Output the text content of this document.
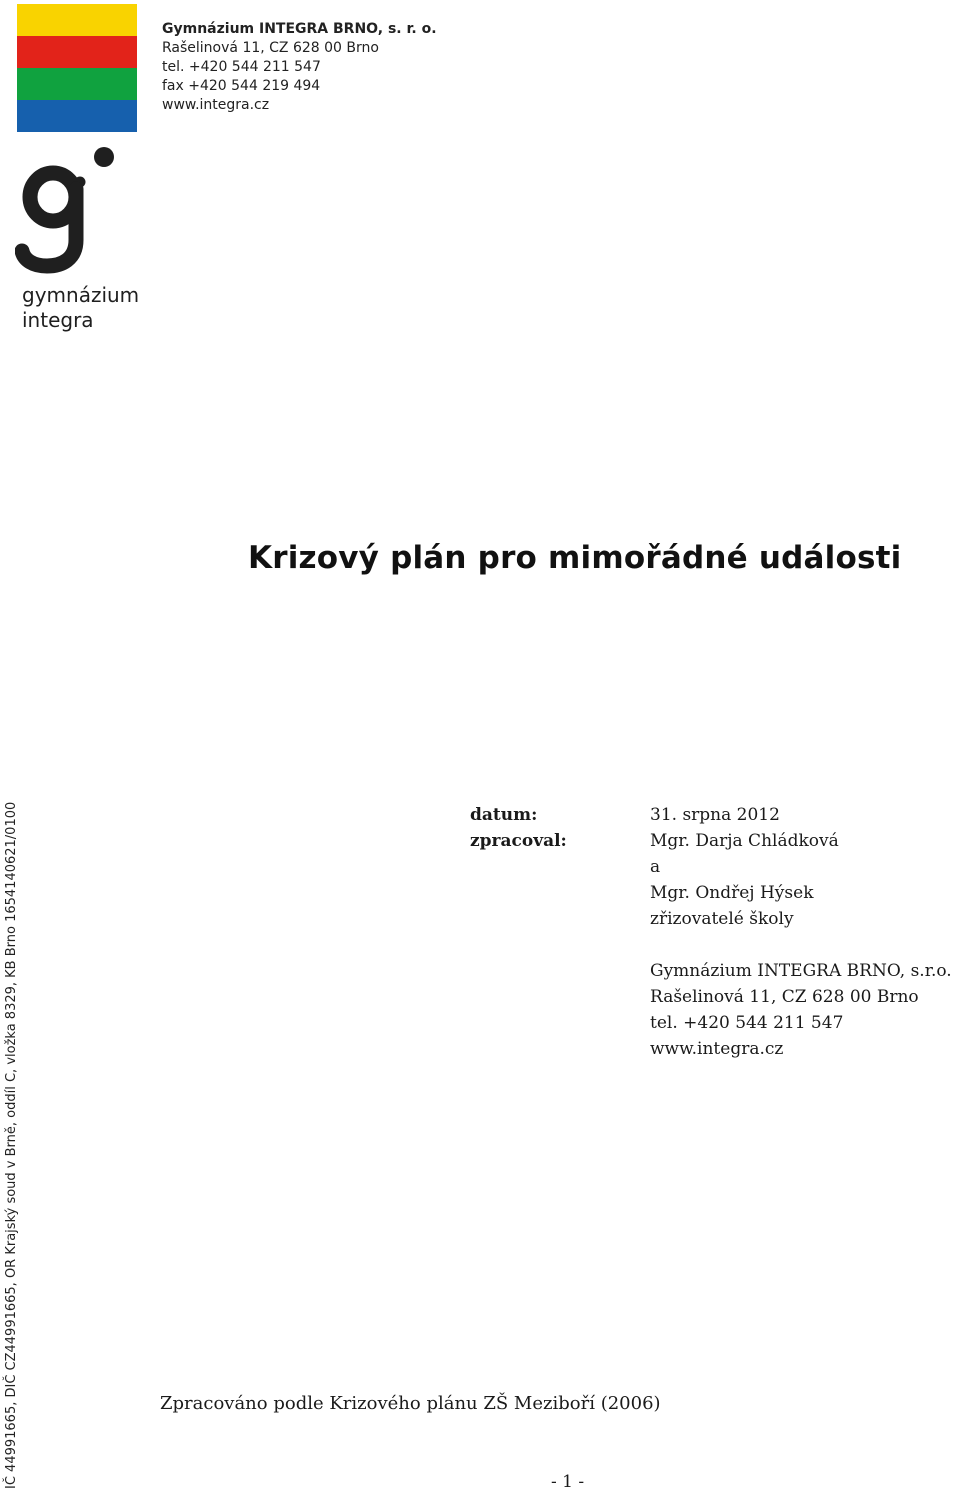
Gymnázium INTEGRA BRNO, s. r. o.
Rašelinová 11, CZ 628 00 Brno
tel. +420 544 211 547
fax +420 544 219 494
www.integra.cz
gymnázium
integra
Krizový plán pro mimořádné události
IČ 44991665, DIČ CZ44991665, OR Krajský soud v Brně, oddíl C, vložka 8329, KB Brno 1654140621/0100	datum:
zpracoval:
31. srpna 2012
Mgr. Darja Chládková
a
Mgr. Ondřej Hýsek
zřizovatelé školy
Gymnázium INTEGRA BRNO, s.r.o.
Rašelinová 11, CZ 628 00 Brno
tel. +420 544 211 547
www.integra.cz
Zpracováno podle Krizového plánu ZŠ Meziboří (2006)
- 1 -
